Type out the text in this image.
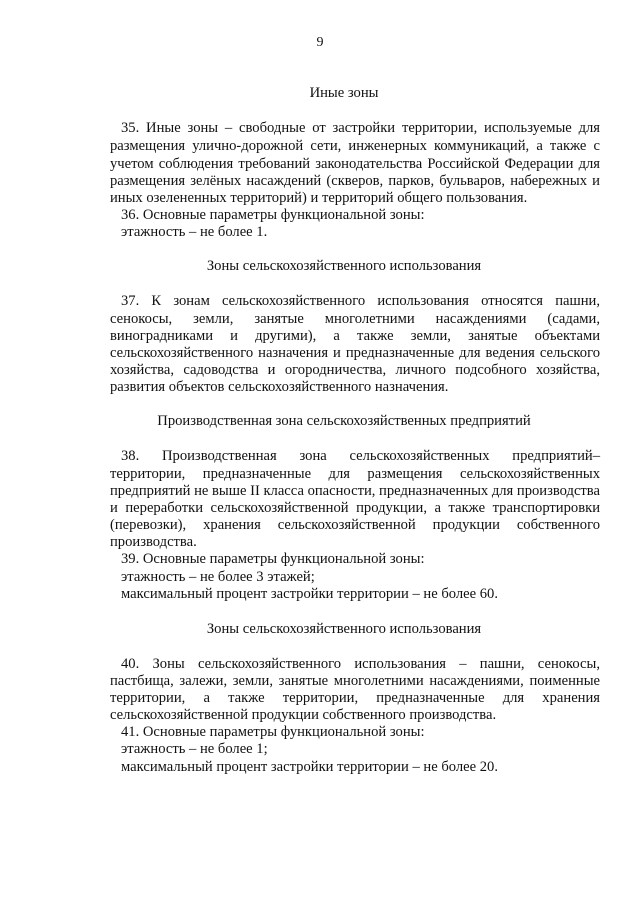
9
Иные зоны
35. Иные зоны – свободные от застройки территории, используемые для
размещения улично-дорожной сети, инженерных коммуникаций, а также с
учетом соблюдения требований законодательства Российской Федерации для
размещения зелёных насаждений (скверов, парков, бульваров, набережных и
иных озелененных территорий) и территорий общего пользования.
36. Основные параметры функциональной зоны:
этажность – не более 1.
Зоны сельскохозяйственного использования
37. К зонам сельскохозяйственного использования относятся пашни,
сенокосы, земли, занятые многолетними насаждениями (садами,
виноградниками и другими), а также земли, занятые объектами
сельскохозяйственного назначения и предназначенные для ведения сельского
хозяйства, садоводства и огородничества, личного подсобного хозяйства,
развития объектов сельскохозяйственного назначения.
Производственная зона сельскохозяйственных предприятий
38. Производственная зона сельскохозяйственных предприятий–
территории, предназначенные для размещения сельскохозяйственных
предприятий не выше II класса опасности, предназначенных для производства
и переработки сельскохозяйственной продукции, а также транспортировки
(перевозки), хранения сельскохозяйственной продукции собственного
производства.
39. Основные параметры функциональной зоны:
этажность – не более 3 этажей;
максимальный процент застройки территории – не более 60.
Зоны сельскохозяйственного использования
40. Зоны сельскохозяйственного использования – пашни, сенокосы,
пастбища, залежи, земли, занятые многолетними насаждениями, поименные
территории, а также территории, предназначенные для хранения
сельскохозяйственной продукции собственного производства.
41. Основные параметры функциональной зоны:
этажность – не более 1;
максимальный процент застройки территории – не более 20.
